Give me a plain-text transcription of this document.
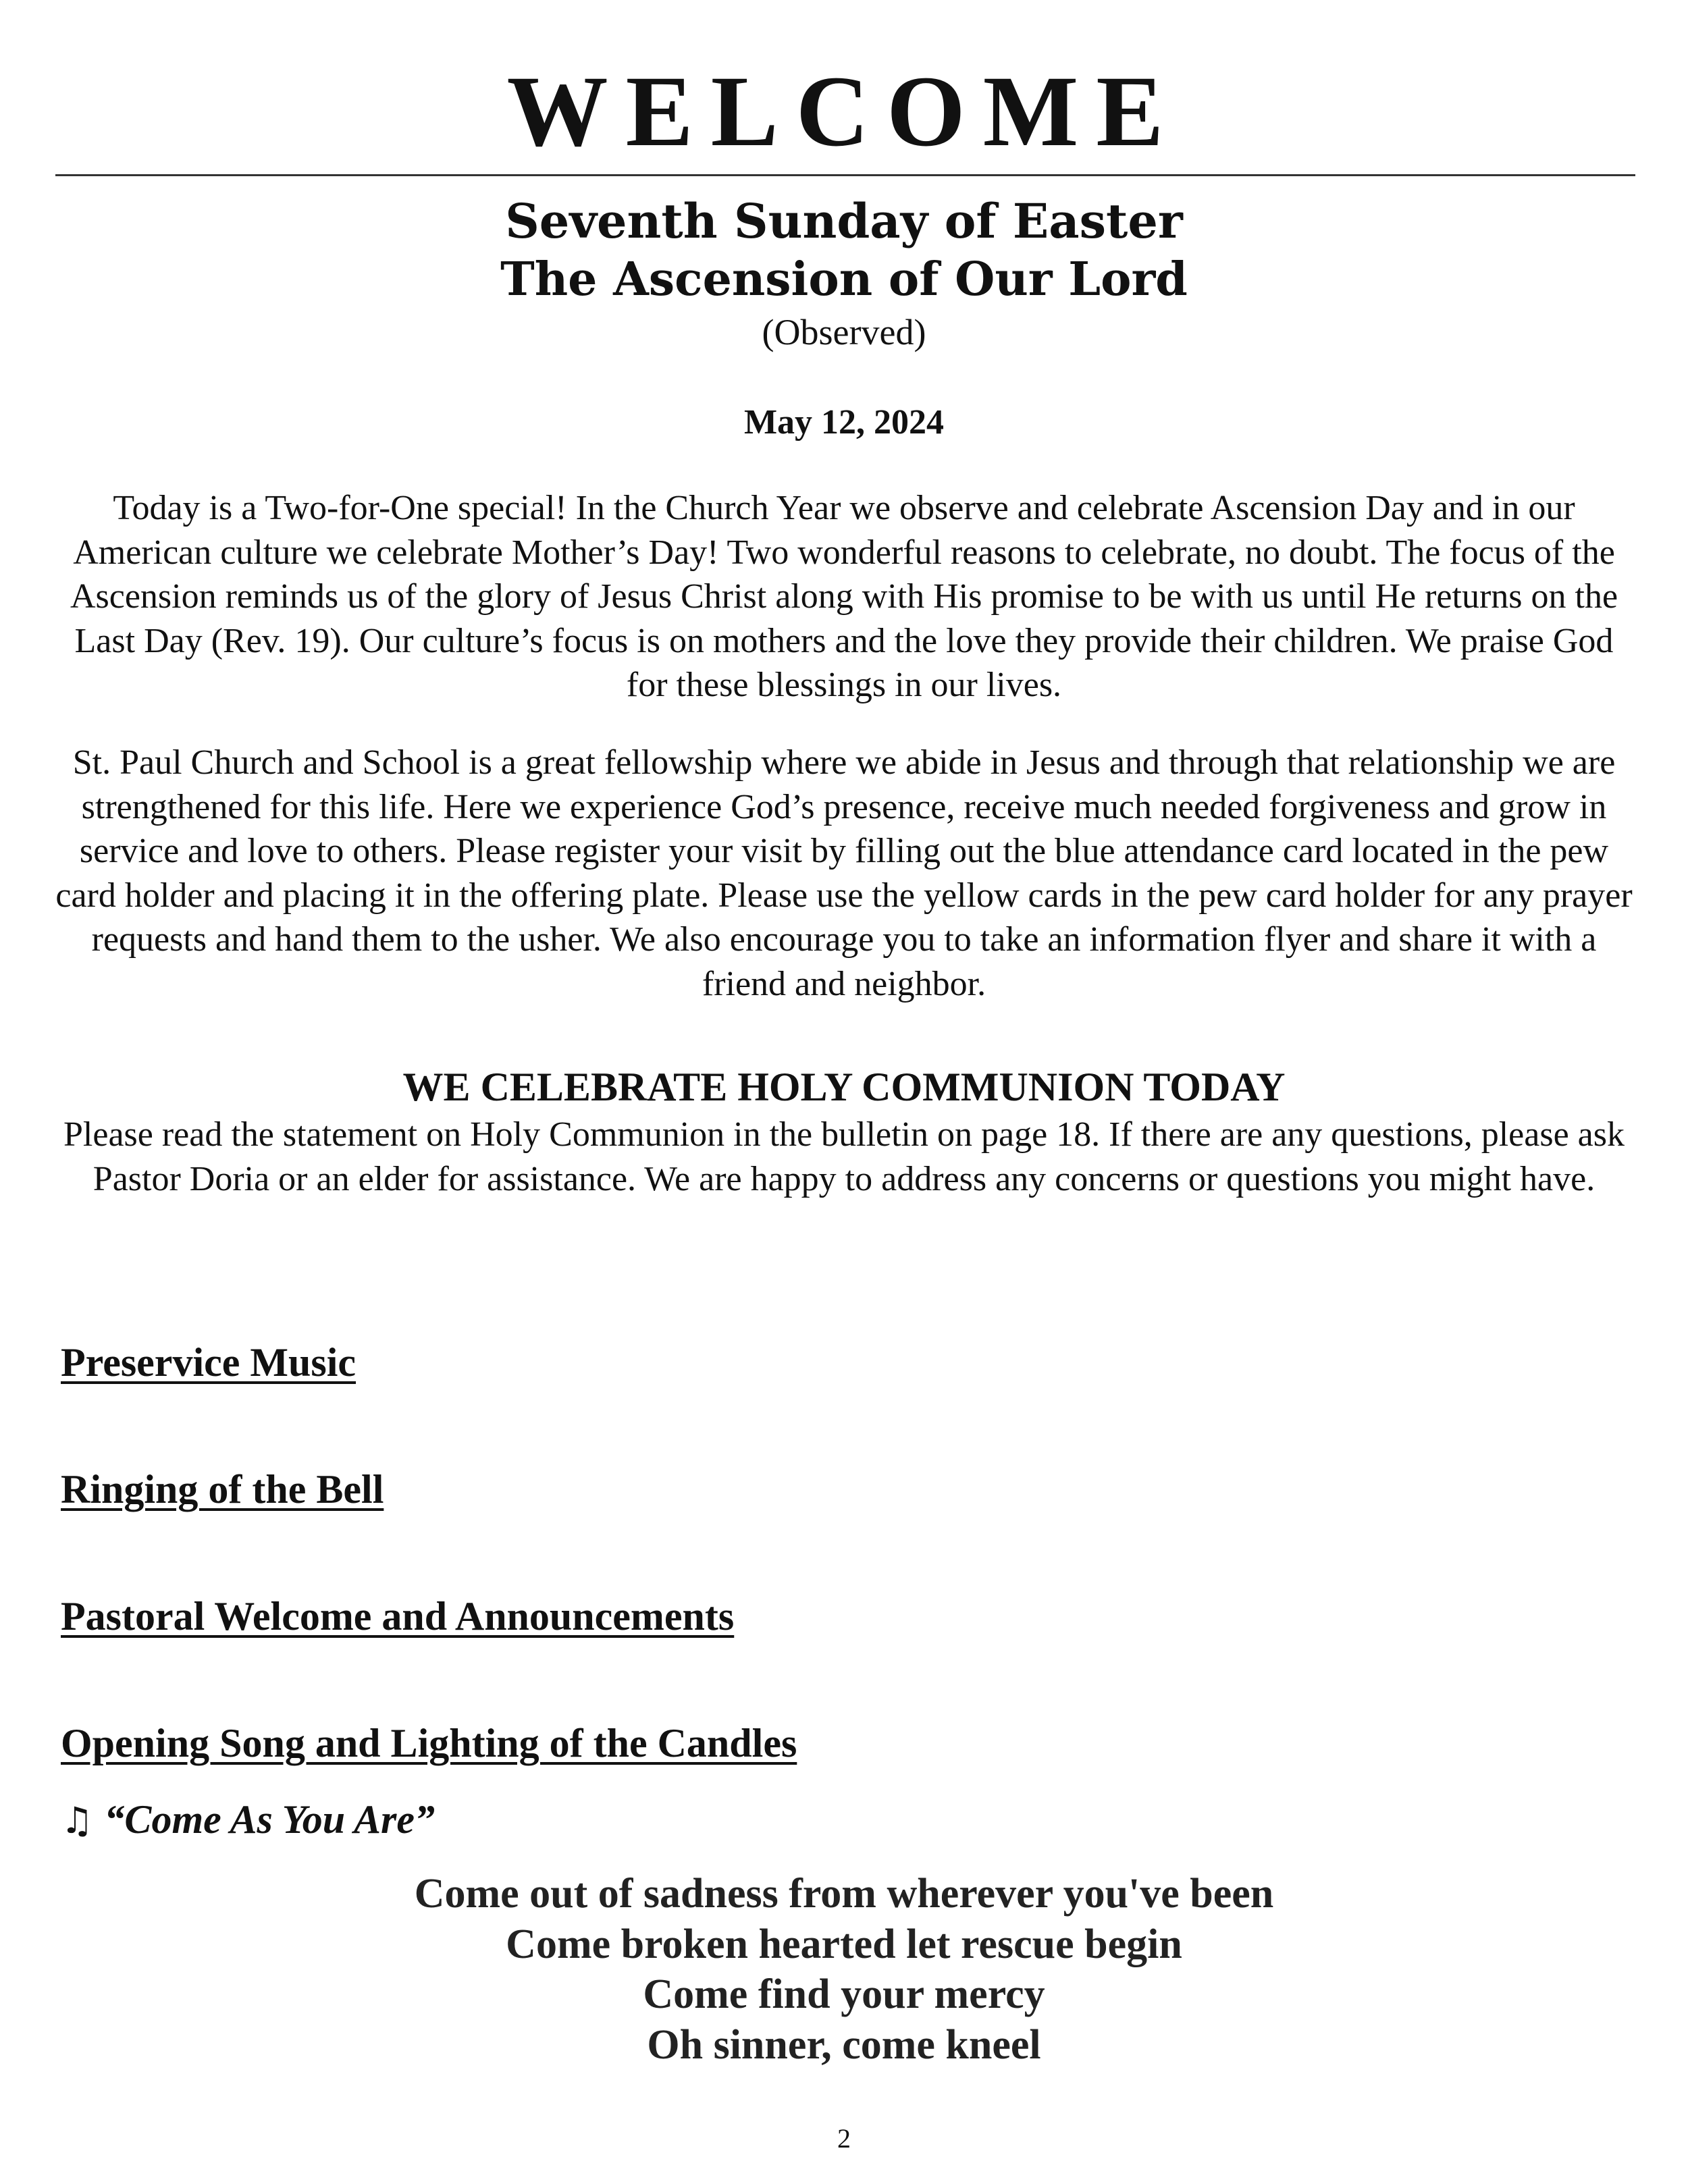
WELCOME
Seventh Sunday of Easter
The Ascension of Our Lord
(Observed)
May 12, 2024
Today is a Two-for-One special! In the Church Year we observe and celebrate Ascension Day and in our American culture we celebrate Mother’s Day! Two wonderful reasons to celebrate, no doubt. The focus of the Ascension reminds us of the glory of Jesus Christ along with His promise to be with us until He returns on the Last Day (Rev. 19). Our culture’s focus is on mothers and the love they provide their children. We praise God for these blessings in our lives.
St. Paul Church and School is a great fellowship where we abide in Jesus and through that relationship we are strengthened for this life. Here we experience God’s presence, receive much needed forgiveness and grow in service and love to others. Please register your visit by filling out the blue attendance card located in the pew card holder and placing it in the offering plate. Please use the yellow cards in the pew card holder for any prayer requests and hand them to the usher. We also encourage you to take an information flyer and share it with a friend and neighbor.
WE CELEBRATE HOLY COMMUNION TODAY
Please read the statement on Holy Communion in the bulletin on page 18. If there are any questions, please ask Pastor Doria or an elder for assistance. We are happy to address any concerns or questions you might have.
Preservice Music
Ringing of the Bell
Pastoral Welcome and Announcements
Opening Song and Lighting of the Candles
♫ “Come As You Are”
Come out of sadness from wherever you've been
Come broken hearted let rescue begin
Come find your mercy
Oh sinner, come kneel
2
